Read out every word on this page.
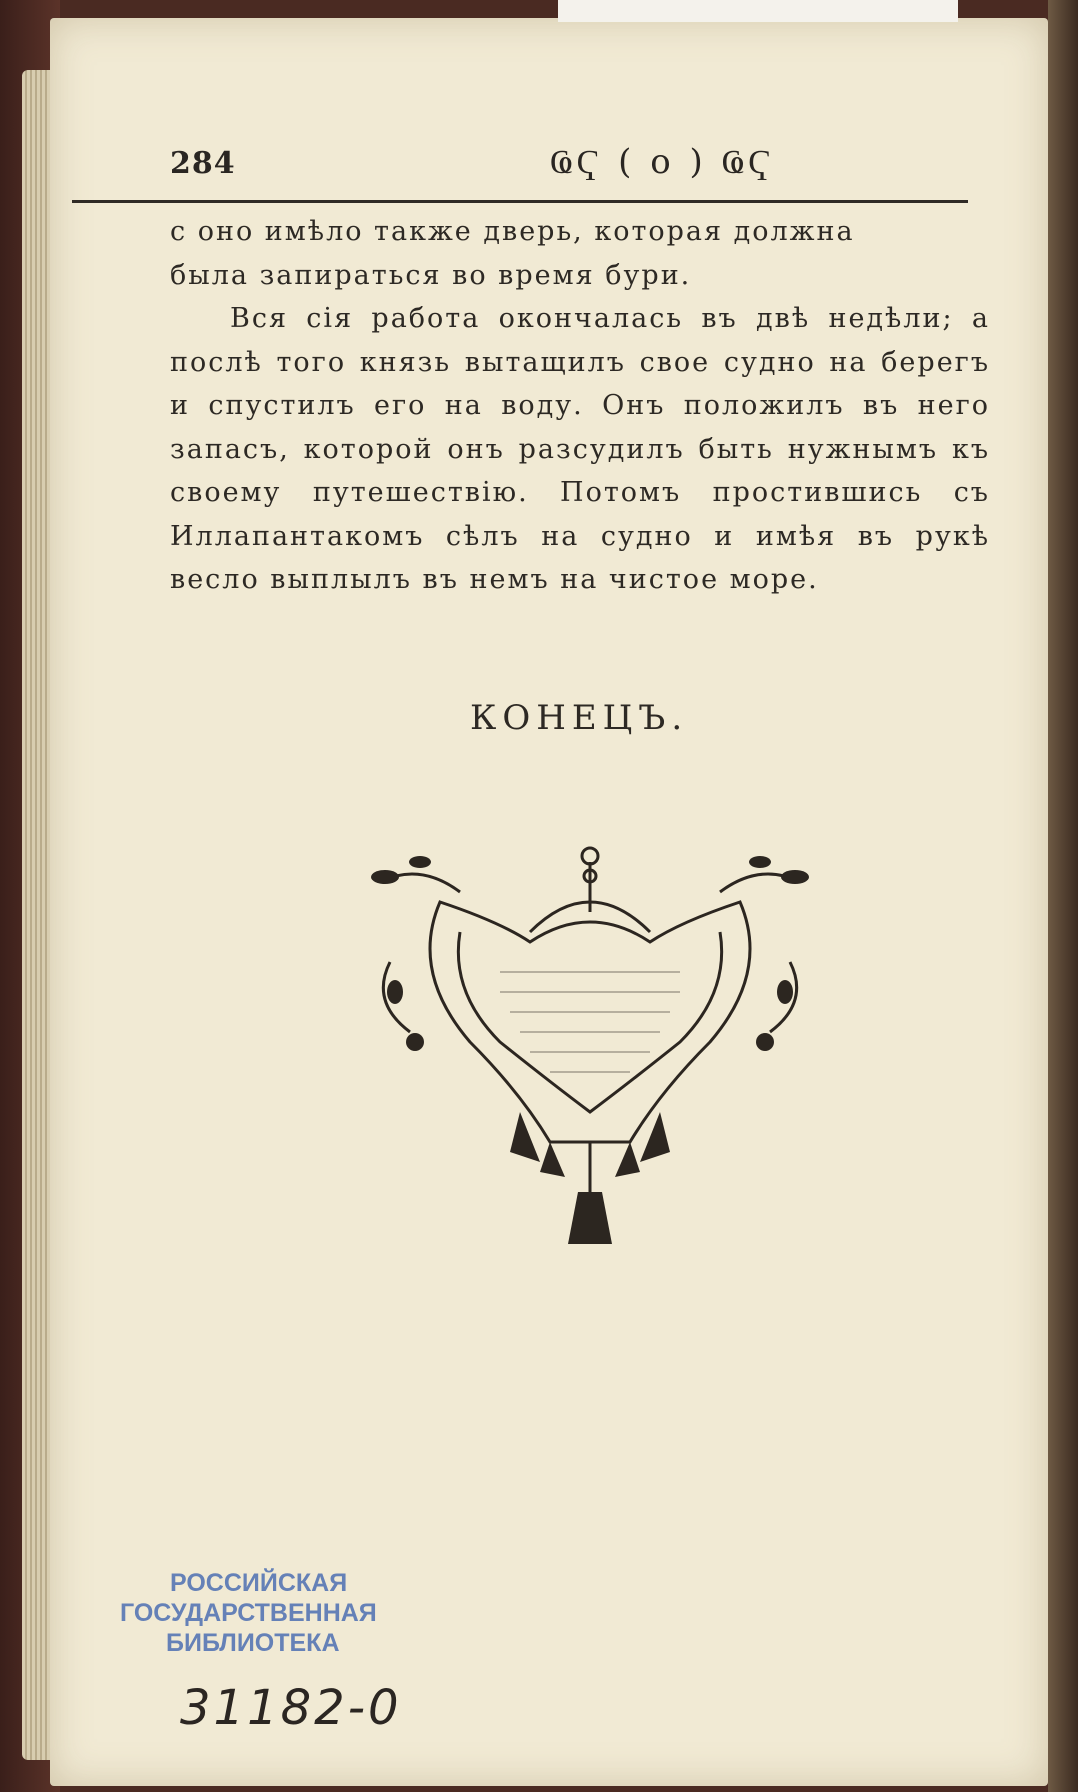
284	ҨҀ ( о ) ҨҀ

с оно имѣло также дверь, которая должна

была запираться во время бури.

Вся сія работа окончалась въ двѣ недѣли; а послѣ того князь вытащилъ свое судно на берегъ и спустилъ его на воду. Онъ положилъ въ него запасъ, которой онъ разсудилъ быть нужнымъ къ своему путешествію. Потомъ простившись съ Иллапантакомъ сѣлъ на судно и имѣя въ рукѣ весло выплылъ въ немъ на чистое море.

КОНЕЦЪ.
РОССИЙСКАЯ
ГОСУДАРСТВЕННАЯ
БИБЛИОТЕКА
31182-0
